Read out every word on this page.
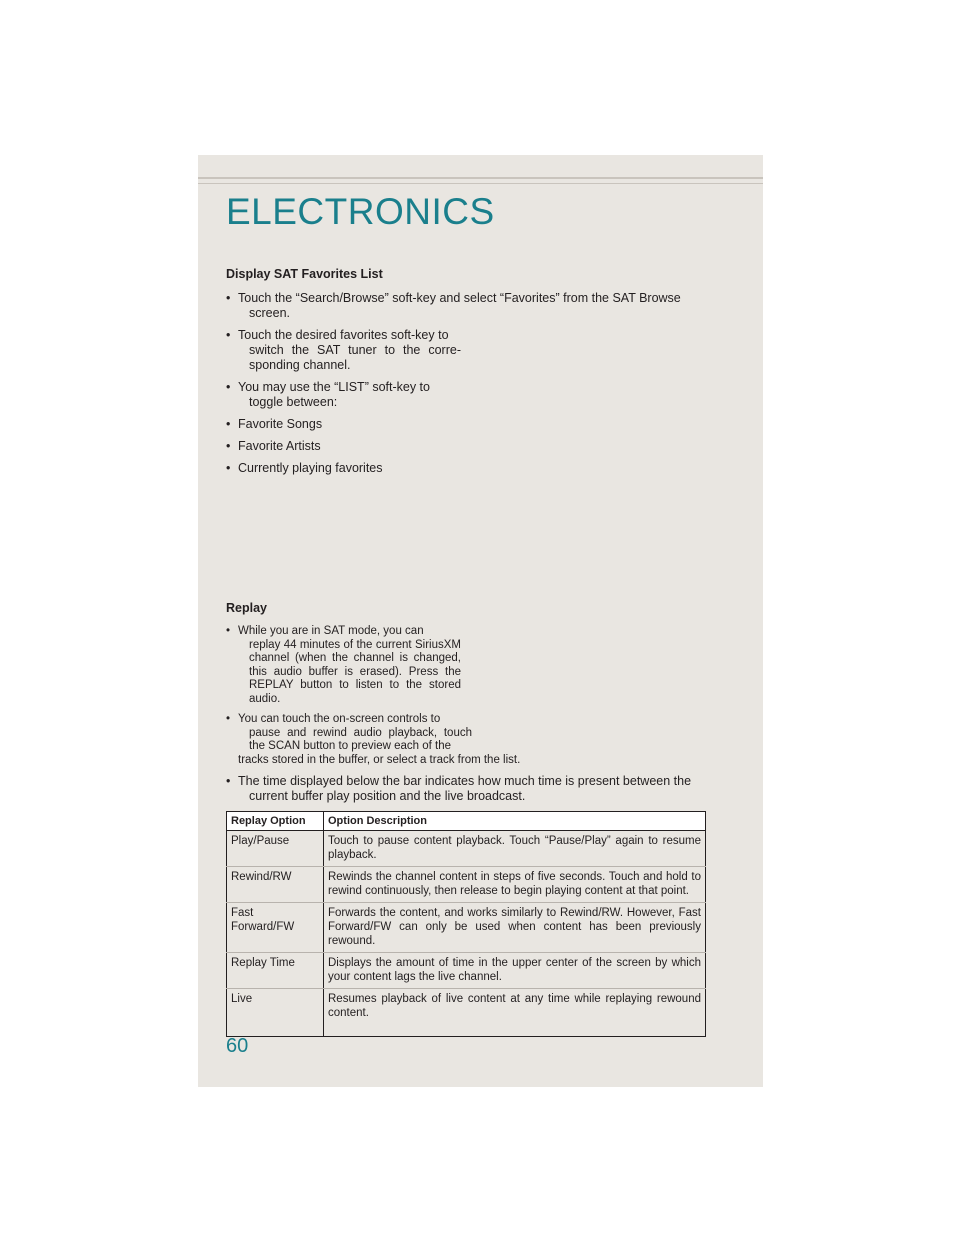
ELECTRONICS
Display SAT Favorites List
• Touch the “Search/Browse” soft-key and select “Favorites” from the SAT Browse
screen.
• Touch the desired favorites soft-key to
switch the SAT tuner to the corre-sponding channel.
• You may use the “LIST” soft-key to
toggle between:
• Favorite Songs
• Favorite Artists
• Currently playing favorites
Replay
• While you are in SAT mode, you can
replay 44 minutes of the current SiriusXM channel (when the channel is changed, this audio buffer is erased). Press the REPLAY button to listen to the stored audio.
• You can touch the on-screen controls to
pause and rewind audio playback, touch the SCAN button to preview each of the
tracks stored in the buffer, or select a track from the list.
• The time displayed below the bar indicates how much time is present between the
current buffer play position and the live broadcast.
Replay Option	Option Description
Play/Pause	Touch to pause content playback. Touch “Pause/Play” again to resume playback.
Rewind/RW	Rewinds the channel content in steps of five seconds. Touch and hold to rewind continuously, then release to begin playing content at that point.
Fast Forward/FW	Forwards the content, and works similarly to Rewind/RW. However, Fast Forward/FW can only be used when content has been previously rewound.
Replay Time	Displays the amount of time in the upper center of the screen by which your content lags the live channel.
Live	Resumes playback of live content at any time while replaying rewound content.
60
